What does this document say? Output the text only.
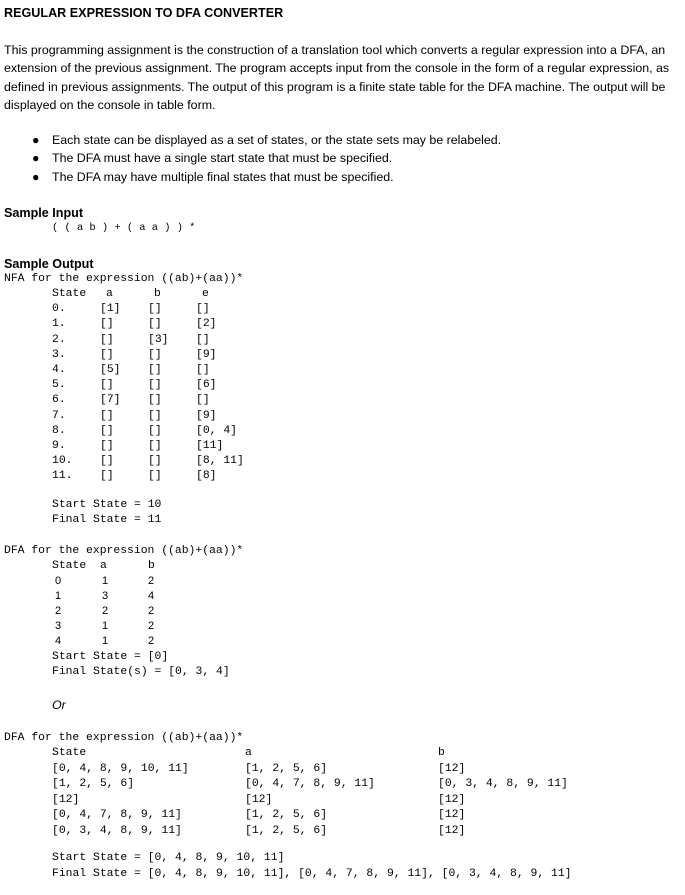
REGULAR EXPRESSION TO DFA CONVERTER
This programming assignment is the construction of a translation tool which converts a regular expression into a DFA, an extension of the previous assignment. The program accepts input from the console in the form of a regular expression, as defined in previous assignments. The output of this program is a finite state table for the DFA machine. The output will be displayed on the console in table form.
● Each state can be displayed as a set of states, or the state sets may be relabeled.
● The DFA must have a single start state that must be specified.
● The DFA may have multiple final states that must be specified.
Sample Input
( ( a b ) + ( a a ) ) *
Sample Output
NFA for the expression ((ab)+(aa))*
State a	b	e
0.	[1] []	[]
1.	[]	[]	[2]
2.	[]	[3] []
3.	[]	[]	[9]
4.	[5] []	[]
5.	[]	[]	[6]
6.	[7] []	[]
7.	[]	[]	[9]
8.	[]	[]	[0, 4]
9.	[]	[]	[11]
10. []	[]	[8, 11]
11. []	[]	[8]
Start State = 10
Final State = 11
DFA for the expression ((ab)+(aa))*
State a	b
0	1	2
1	3	4
2	2	2
3	1	2
4	1	2
Start State = [0]
Final State(s) = [0, 3, 4]
Or
DFA for the expression ((ab)+(aa))*
State	a	b
[0, 4, 8, 9, 10, 11]	[1, 2, 5, 6]	[12]
[1, 2, 5, 6]	[0, 4, 7, 8, 9, 11]	[0, 3, 4, 8, 9, 11]
[12]	[12]	[12]
[0, 4, 7, 8, 9, 11]	[1, 2, 5, 6]	[12]
[0, 3, 4, 8, 9, 11]	[1, 2, 5, 6]	[12]
Start State = [0, 4, 8, 9, 10, 11]
Final State = [0, 4, 8, 9, 10, 11], [0, 4, 7, 8, 9, 11], [0, 3, 4, 8, 9, 11]
